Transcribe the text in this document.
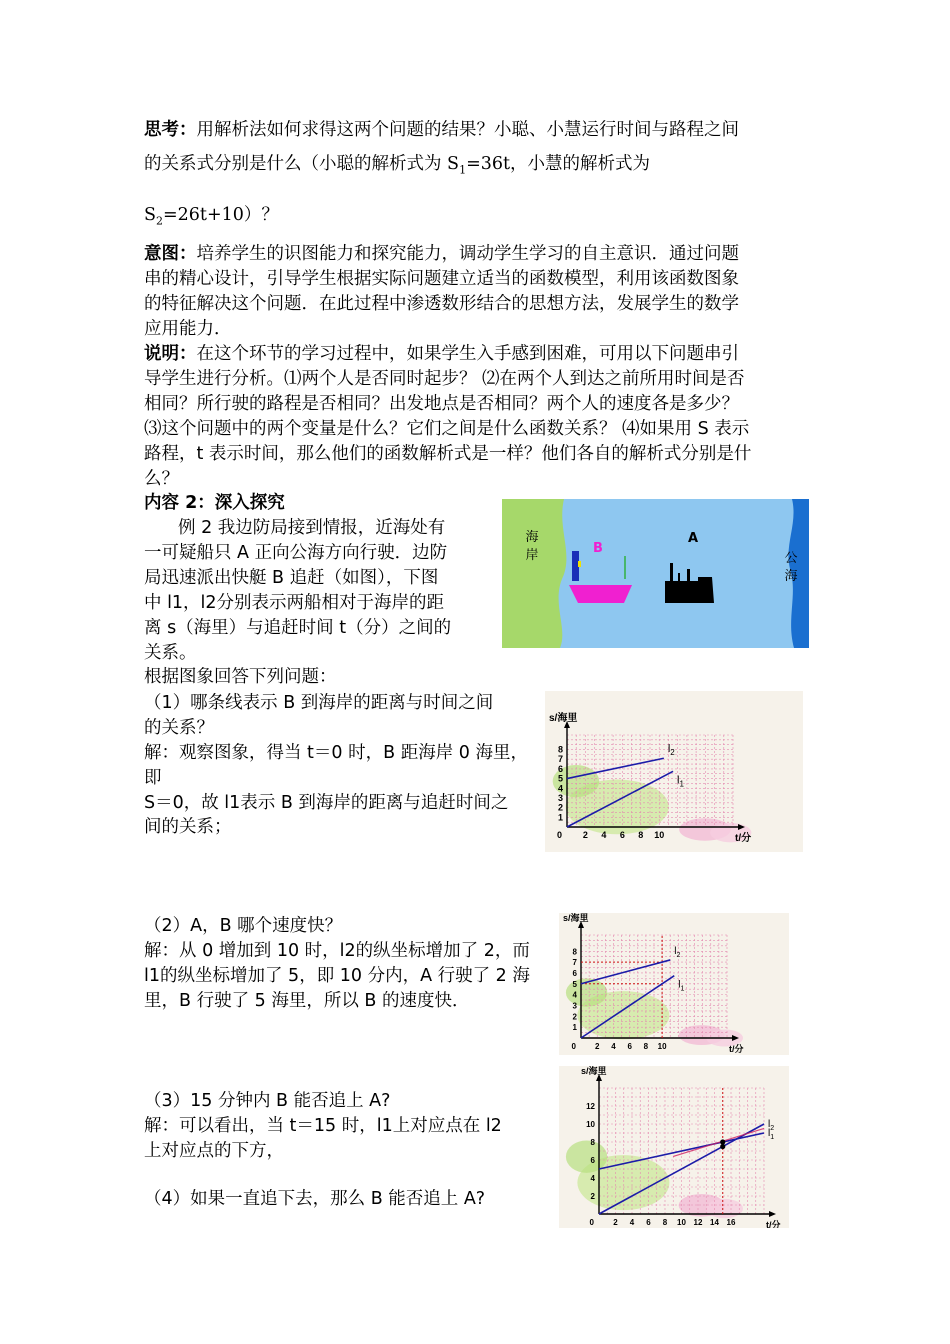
思考：用解析法如何求得这两个问题的结果？小聪、小慧运行时间与路程之间
的关系式分别是什么（小聪的解析式为 $S_1=36t$，小慧的解析式为
$S_2=26t+10$）？
意图：培养学生的识图能力和探究能力，调动学生学习的自主意识．通过问题
串的精心设计，引导学生根据实际问题建立适当的函数模型，利用该函数图象
的特征解决这个问题．在此过程中渗透数形结合的思想方法，发展学生的数学
应用能力．
说明：在这个环节的学习过程中，如果学生入手感到困难，可用以下问题串引
导学生进行分析。⑴两个人是否同时起步？ ⑵在两个人到达之前所用时间是否
相同？所行驶的路程是否相同？出发地点是否相同？两个人的速度各是多少？
⑶这个问题中的两个变量是什么？它们之间是什么函数关系？ ⑷如果用 S 表示
路程，t 表示时间，那么他们的函数解析式是一样？他们各自的解析式分别是什
么？
内容 2：深入探究
例 2 我边防局接到情报，近海处有
一可疑船只 A 正向公海方向行驶．边防
局迅速派出快艇 B 追赶（如图），下图
中 l1，l2分别表示两船相对于海岸的距
离 s（海里）与追赶时间 t（分）之间的
关系。
根据图象回答下列问题：
海岸	公海
B
A
（1）哪条线表示 B 到海岸的距离与时间之间
的关系？
解：观察图象，得当 t＝0 时，B 距海岸 0 海里，
即
S＝0，故 l1表示 B 到海岸的距离与追赶时间之
间的关系；
（2）A，B 哪个速度快？
解：从 0 增加到 10 时，l2的纵坐标增加了 2，而
l1的纵坐标增加了 5，即 10 分内，A 行驶了 2 海
里，B 行驶了 5 海里，所以 B 的速度快．
（3）15 分钟内 B 能否追上 A?
解：可以看出，当 t＝15 时，l1上对应点在 l2
上对应点的下方，
（4）如果一直追下去，那么 B 能否追上 A?
2 4 6 8 10
1
2
3
4
5
6
7
8
0
s/海里
t/分
$l_2$
$l_1$
2 4 6 8 10
1
2
3
4
5
6
7
8
0
s/海里
t/分
$l_2$
$l_1$
2 4 6 8 10 12 14 16
2
4
6
8
10
12
0
s/海里
t/分
$l_2$
$l_1$
